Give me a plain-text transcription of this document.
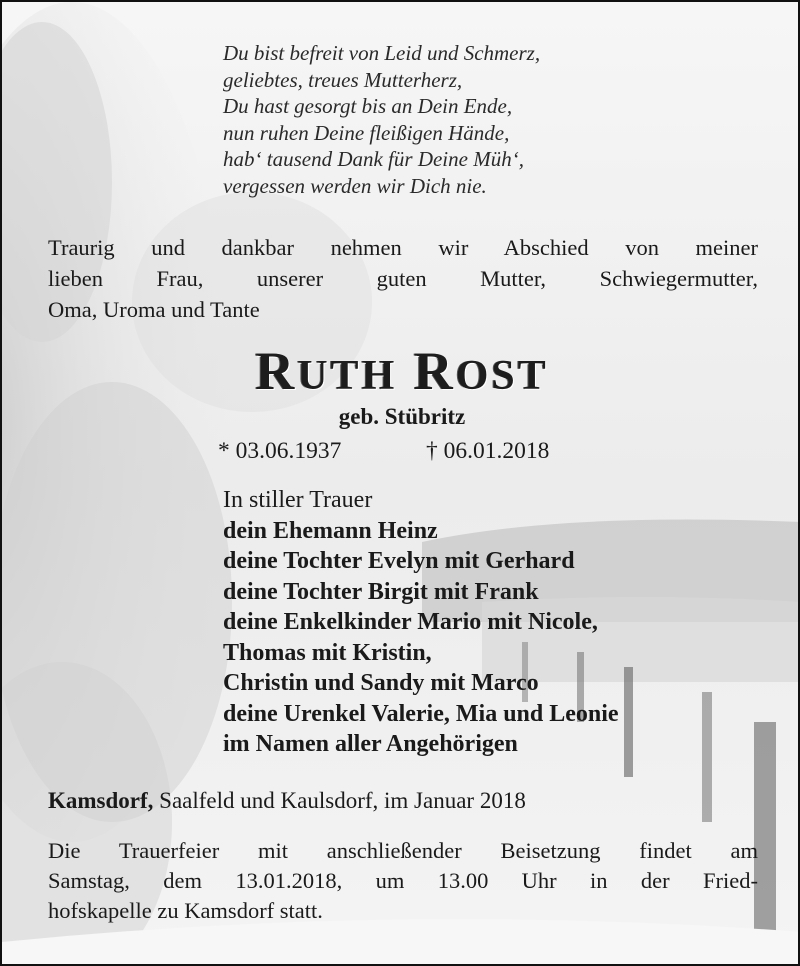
Du bist befreit von Leid und Schmerz,
geliebtes, treues Mutterherz,
Du hast gesorgt bis an Dein Ende,
nun ruhen Deine fleißigen Hände,
hab‘ tausend Dank für Deine Müh‘,
vergessen werden wir Dich nie.
Traurig und dankbar nehmen wir Abschied von meiner
lieben Frau, unserer guten Mutter, Schwiegermutter,
Oma, Uroma und Tante
RUTH ROST
geb. Stübritz
* 03.06.1937	† 06.01.2018
In stiller Trauer
dein Ehemann Heinz
deine Tochter Evelyn mit Gerhard
deine Tochter Birgit mit Frank
deine Enkelkinder Mario mit Nicole,
Thomas mit Kristin,
Christin und Sandy mit Marco
deine Urenkel Valerie, Mia und Leonie
im Namen aller Angehörigen
Kamsdorf, Saalfeld und Kaulsdorf, im Januar 2018
Die Trauerfeier mit anschließender Beisetzung findet am
Samstag, dem 13.01.2018, um 13.00 Uhr in der Fried-
hofskapelle zu Kamsdorf statt.
